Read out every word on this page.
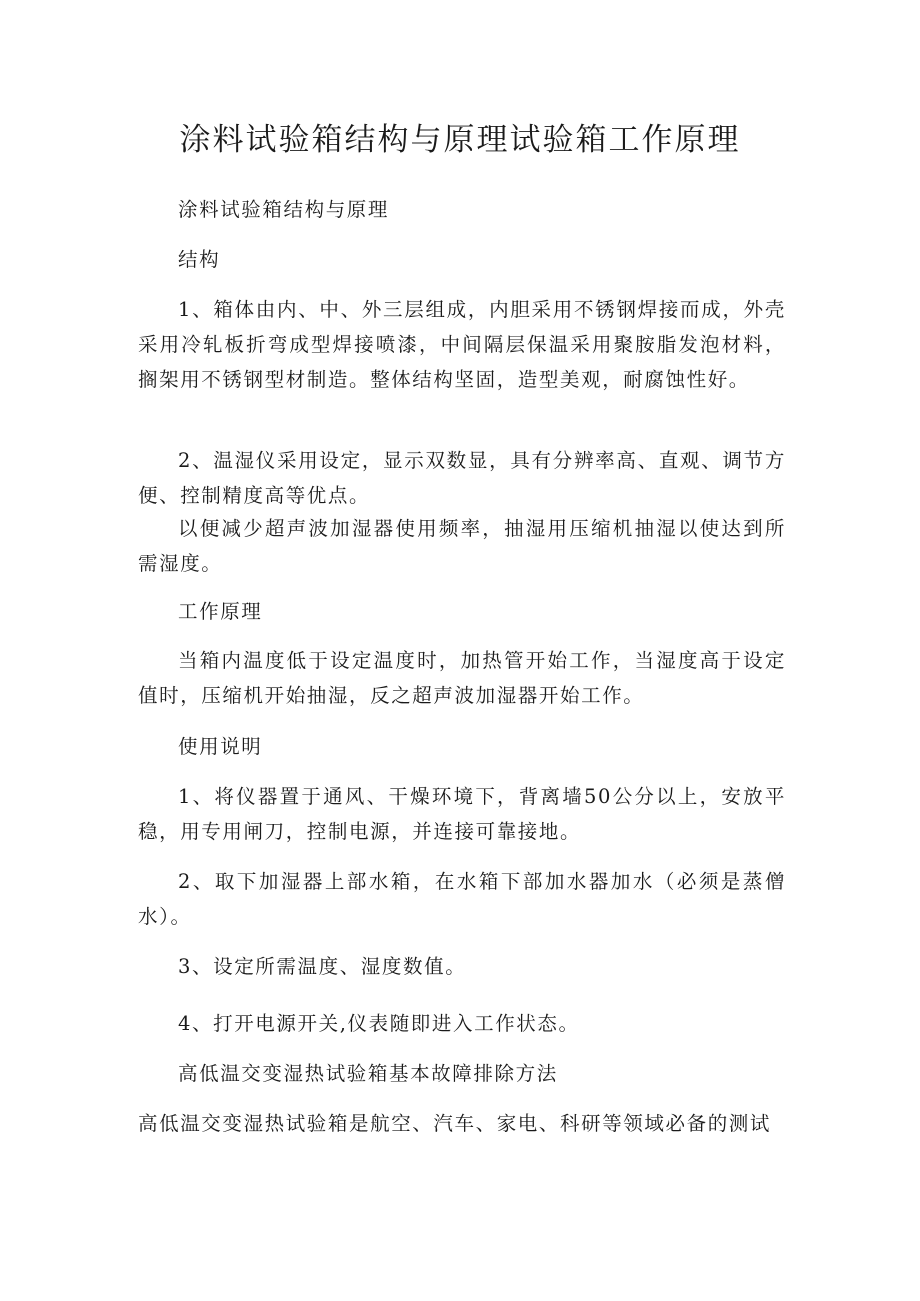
涂料试验箱结构与原理试验箱工作原理

涂料试验箱结构与原理

结构

1、箱体由内、中、外三层组成，内胆采用不锈钢焊接而成，外壳采用冷轧板折弯成型焊接喷漆，中间隔层保温采用聚胺脂发泡材料，搁架用不锈钢型材制造。整体结构坚固，造型美观，耐腐蚀性好。

2、温湿仪采用设定，显示双数显，具有分辨率高、直观、调节方便、控制精度高等优点。

以便减少超声波加湿器使用频率，抽湿用压缩机抽湿以使达到所需湿度。

工作原理

当箱内温度低于设定温度时，加热管开始工作，当湿度高于设定值时，压缩机开始抽湿，反之超声波加湿器开始工作。

使用说明

1、将仪器置于通风、干燥环境下，背离墙50公分以上，安放平稳，用专用闸刀，控制电源，并连接可靠接地。

2、取下加湿器上部水箱，在水箱下部加水器加水（必须是蒸僧水）。

3、设定所需温度、湿度数值。

4、打开电源开关,仪表随即进入工作状态。

高低温交变湿热试验箱基本故障排除方法

高低温交变湿热试验箱是航空、汽车、家电、科研等领域必备的测试
